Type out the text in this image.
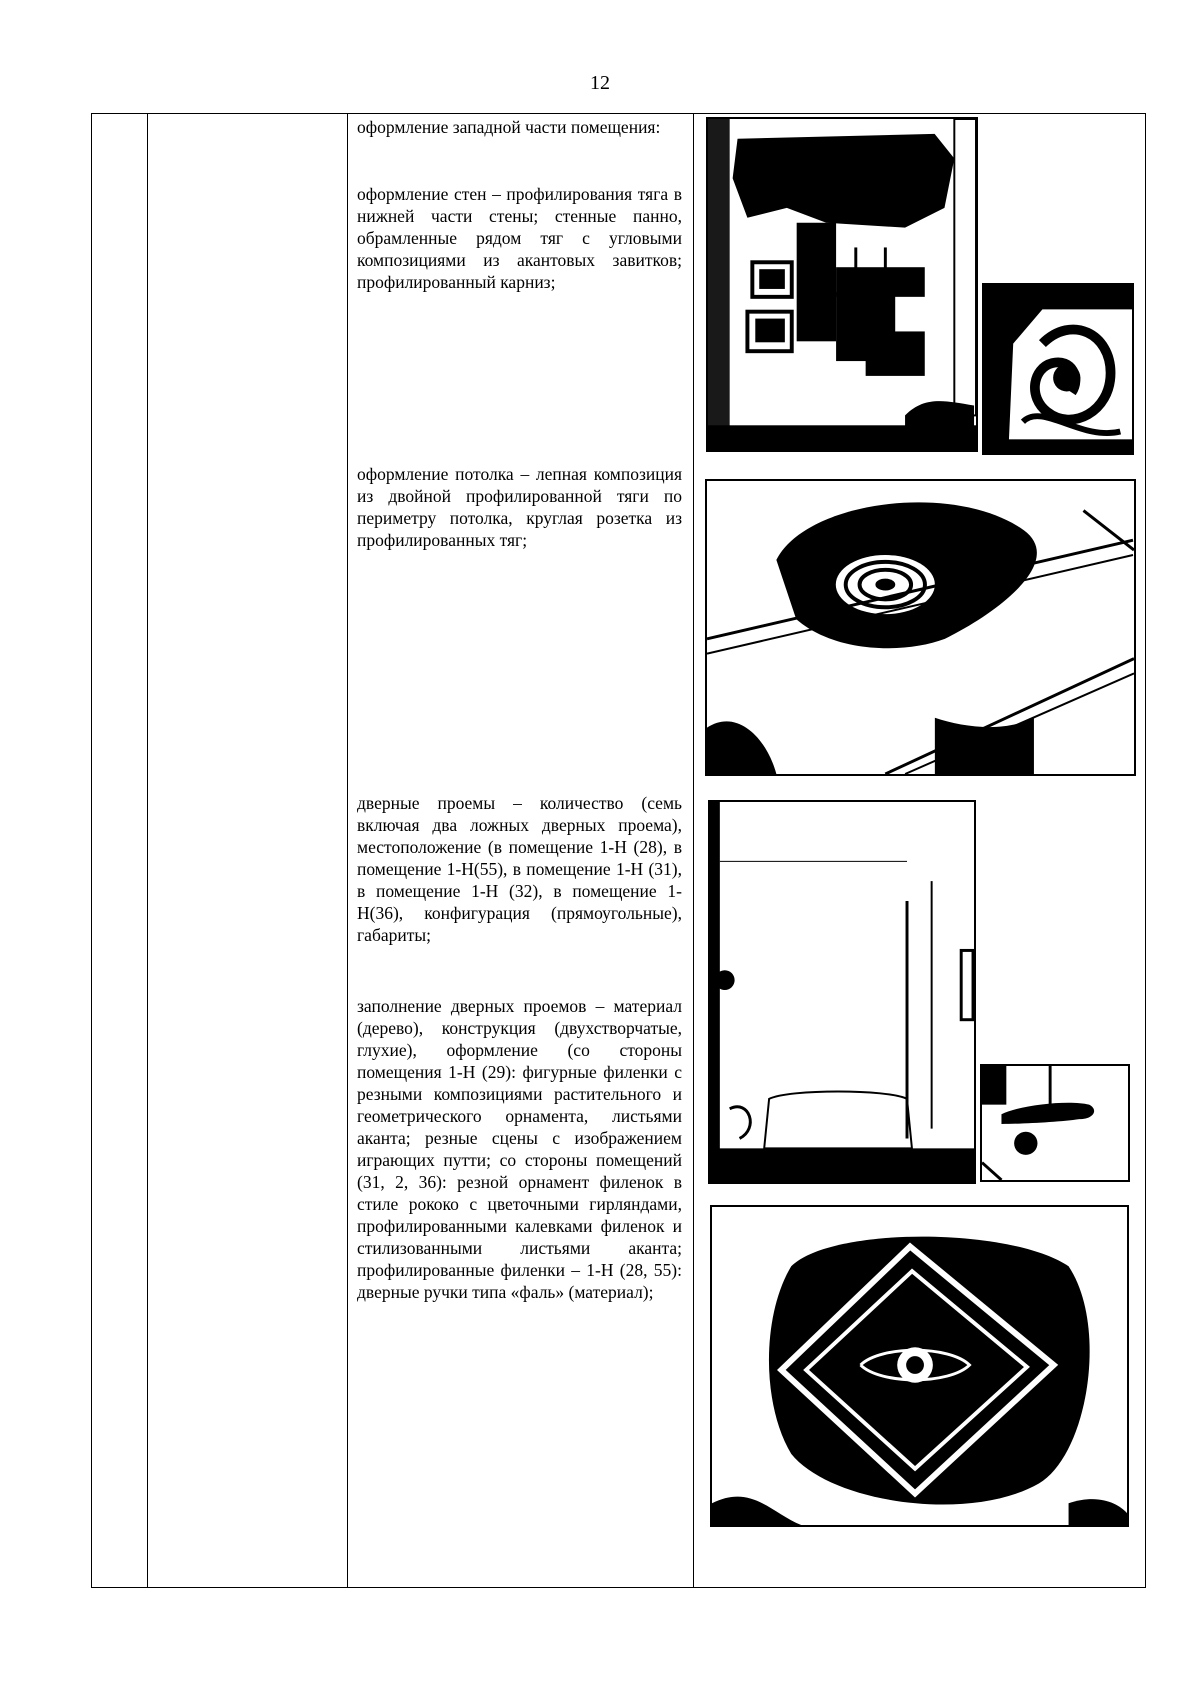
12

оформление западной части помещения:

оформление стен – профилирования тяга в нижней части стены; стенные панно, обрамленные рядом тяг с угловыми композициями из акантовых завитков; профилированный карниз;

оформление потолка – лепная композиция из двойной профилированной тяги по периметру потолка, круглая розетка из профилированных тяг;

дверные проемы – количество (семь включая два ложных дверных проема), местоположение (в помещение 1-Н (28), в помещение 1-Н(55), в помещение 1-Н (31), в помещение 1-Н (32), в помещение 1-Н(36), конфигурация (прямоугольные), габариты;

заполнение дверных проемов – материал (дерево), конструкция (двухстворчатые, глухие), оформление (со стороны помещения 1-Н (29): фигурные филенки с резными композициями растительного и геометрического орнамента, листьями аканта; резные сцены с изображением играющих путти; со стороны помещений (31, 2, 36): резной орнамент филенок в стиле рококо с цветочными гирляндами, профилированными калевками филенок и стилизованными листьями аканта; профилированные филенки – 1-Н (28, 55): дверные ручки типа «фаль» (материал);
